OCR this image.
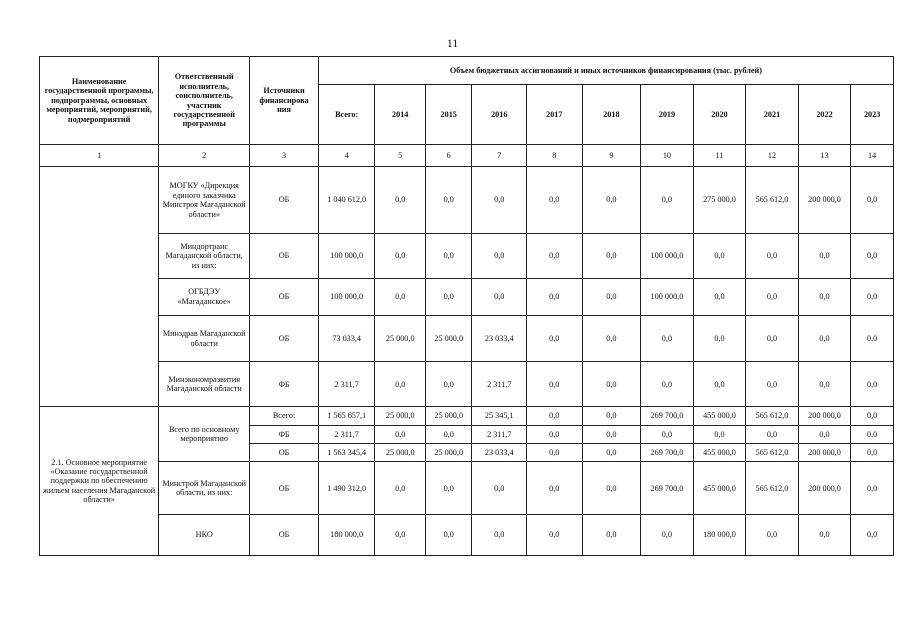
11
Наименование государственной программы, подпрограммы, основных мероприятий, мероприятий, подмероприятий	Ответственный исполнитель, соисполнитель, участник государственной программы	Источники финансирова ния	Объем бюджетных ассигнований и иных источников финансирования (тыс. рублей)										
			Всего:	2014	2015	2016	2017	2018	2019	2020	2021	2022	2023
1	2	3	4	5	6	7	8	9	10	11	12	13	14
	МОГКУ «Дирекция единого заказчика Минстроя Магаданской области»	ОБ	1 040 612,0	0,0	0,0	0,0	0,0	0,0	0,0	275 000,0	565 612,0	200 000,0	0,0
	Миндортранс Магаданской области, из них:	ОБ	100 000,0	0,0	0,0	0,0	0,0	0,0	100 000,0	0,0	0,0	0,0	0,0
	ОГБДЭУ «Магаданское»	ОБ	100 000,0	0,0	0,0	0,0	0,0	0,0	100 000,0	0,0	0,0	0,0	0,0
	Минздрав Магаданской области	ОБ	73 033,4	25 000,0	25 000,0	23 033,4	0,0	0,0	0,0	0,0	0,0	0,0	0,0
	Минэкономразвития Магаданской области	ФБ	2 311,7	0,0	0,0	2 311,7	0,0	0,0	0,0	0,0	0,0	0,0	0,0
2.1. Основное мероприятие «Оказание государственной поддержки по обеспечению жильем населения Магаданской области»	Всего по основному мероприятию	Всего:	1 565 657,1	25 000,0	25 000,0	25 345,1	0,0	0,0	269 700,0	455 000,0	565 612,0	200 000,0	0,0
		ФБ	2 311,7	0,0	0,0	2 311,7	0,0	0,0	0,0	0,0	0,0	0,0	0,0
		ОБ	1 563 345,4	25 000,0	25 000,0	23 033,4	0,0	0,0	269 700,0	455 000,0	565 612,0	200 000,0	0,0
	Минстрой Магаданской области, из них:	ОБ	1 490 312,0	0,0	0,0	0,0	0,0	0,0	269 700,0	455 000,0	565 612,0	200 000,0	0,0
	НКО	ОБ	180 000,0	0,0	0,0	0,0	0,0	0,0	0,0	180 000,0	0,0	0,0	0,0
